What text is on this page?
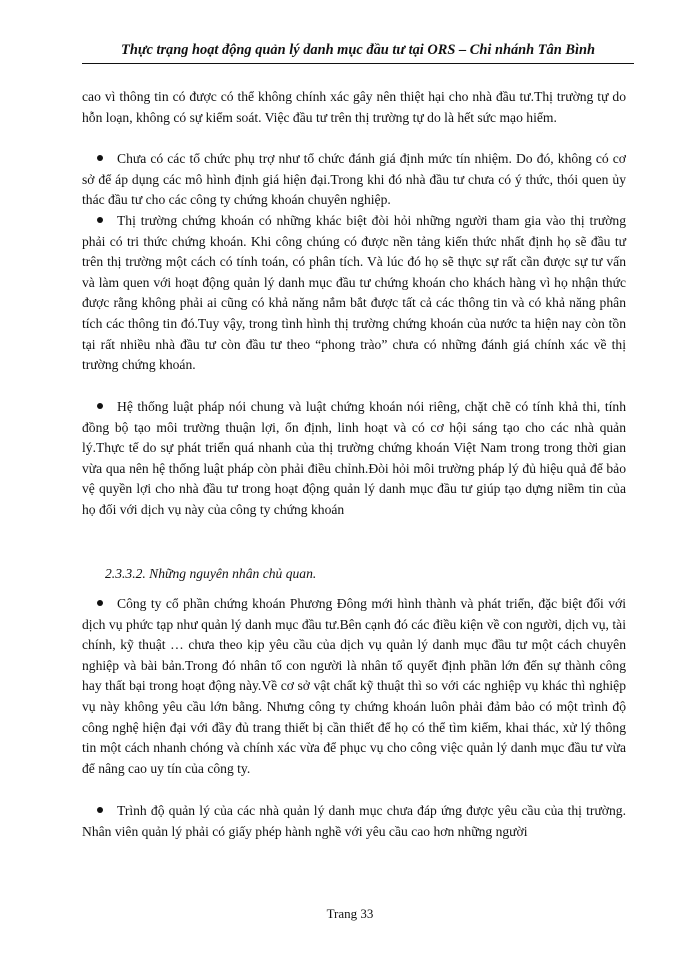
Thực trạng hoạt động quản lý danh mục đầu tư tại ORS – Chi nhánh Tân Bình
cao vì thông tin có được có thể không chính xác gây nên thiệt hại cho nhà đầu tư.Thị trường tự do hỗn loạn, không có sự kiểm soát. Việc đầu tư trên thị trường tự do là hết sức mạo hiểm.
Chưa có các tổ chức phụ trợ như tổ chức đánh giá định mức tín nhiệm. Do đó, không có cơ sở để áp dụng các mô hình định giá hiện đại.Trong khi đó nhà đầu tư chưa có ý thức, thói quen ủy thác đầu tư cho các công ty chứng khoán chuyên nghiệp.
Thị trường chứng khoán có những khác biệt đòi hỏi những người tham gia vào thị trường phải có tri thức chứng khoán. Khi công chúng có được nền tảng kiến thức nhất định họ sẽ đầu tư trên thị trường một cách có tính toán, có phân tích. Và lúc đó họ sẽ thực sự rất cần được sự tư vấn và làm quen với hoạt động quản lý danh mục đầu tư chứng khoán cho khách hàng vì họ nhận thức được rằng không phải ai cũng có khả năng nắm bắt được tất cả các thông tin và có khả năng phân tích các thông tin đó.Tuy vậy, trong tình hình thị trường chứng khoán của nước ta hiện nay còn tồn tại rất nhiều nhà đầu tư còn đầu tư theo “phong trào” chưa có những đánh giá chính xác về thị trường chứng khoán.
Hệ thống luật pháp nói chung và luật chứng khoán nói riêng, chặt chẽ có tính khả thi, tính đồng bộ tạo môi trường thuận lợi, ổn định, linh hoạt và có cơ hội sáng tạo cho các nhà quản lý.Thực tế do sự phát triển quá nhanh của thị trường chứng khoán Việt Nam trong trong thời gian vừa qua nên hệ thống luật pháp còn phải điều chỉnh.Đòi hỏi môi trường pháp lý đủ hiệu quả để bảo vệ quyền lợi cho nhà đầu tư trong hoạt động quản lý danh mục đầu tư giúp tạo dựng niềm tin của họ đối với dịch vụ này của công ty chứng khoán
2.3.3.2. Những nguyên nhân chủ quan.
Công ty cổ phần chứng khoán Phương Đông mới hình thành và phát triển, đặc biệt đối với dịch vụ phức tạp như quản lý danh mục đầu tư.Bên cạnh đó các điều kiện về con người, dịch vụ, tài chính, kỹ thuật … chưa theo kịp yêu cầu của dịch vụ quản lý danh mục đầu tư một cách chuyên nghiệp và bài bản.Trong đó nhân tố con người là nhân tố quyết định phần lớn đến sự thành công hay thất bại trong hoạt động này.Về cơ sở vật chất kỹ thuật thì so với các nghiệp vụ khác thì nghiệp vụ này không yêu cầu lớn bằng. Nhưng công ty chứng khoán luôn phải đảm bảo có một trình độ công nghệ hiện đại với đầy đủ trang thiết bị cần thiết để họ có thể tìm kiếm, khai thác, xử lý thông tin một cách nhanh chóng và chính xác vừa để phục vụ cho công việc quản lý danh mục đầu tư vừa để nâng cao uy tín của công ty.
Trình độ quản lý của các nhà quản lý danh mục chưa đáp ứng được yêu cầu của thị trường. Nhân viên quản lý phải có giấy phép hành nghề với yêu cầu cao hơn những người
Trang 33
